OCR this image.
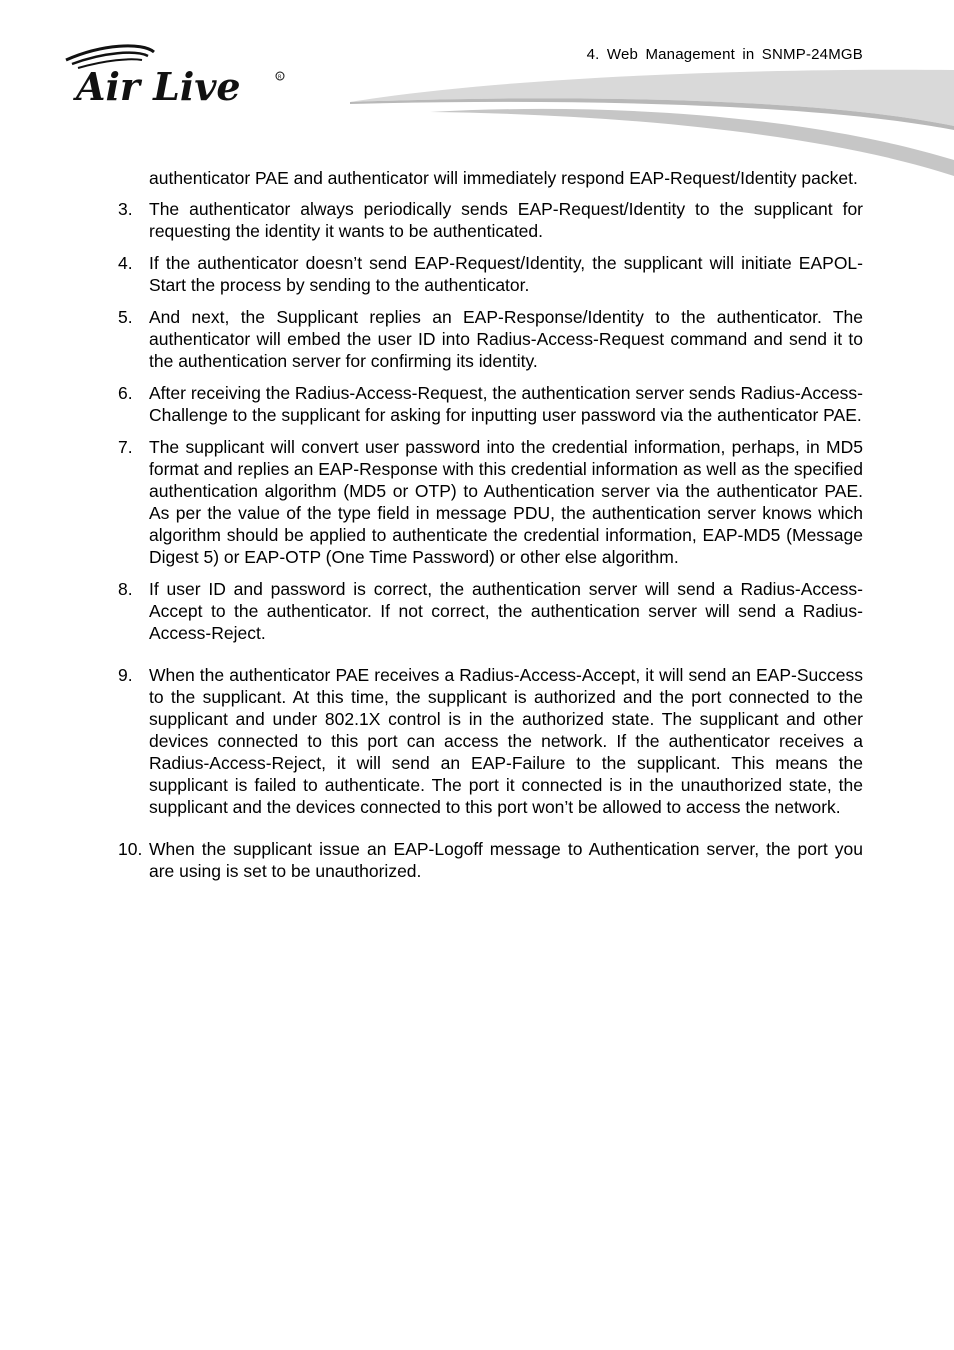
Air Live	R
4. Web Management in SNMP-24MGB

authenticator PAE and authenticator will immediately respond EAP-Request/Identity packet.

3. The authenticator always periodically sends EAP-Request/Identity to the supplicant for requesting the identity it wants to be authenticated.
4. If the authenticator doesn’t send EAP-Request/Identity, the supplicant will initiate EAPOL-Start the process by sending to the authenticator.
5. And next, the Supplicant replies an EAP-Response/Identity to the authenticator. The authenticator will embed the user ID into Radius-Access-Request command and send it to the authentication server for confirming its identity.
6. After receiving the Radius-Access-Request, the authentication server sends Radius-Access-Challenge to the supplicant for asking for inputting user password via the authenticator PAE.
7. The supplicant will convert user password into the credential information, perhaps, in MD5 format and replies an EAP-Response with this credential information as well as the specified authentication algorithm (MD5 or OTP) to Authentication server via the authenticator PAE. As per the value of the type field in message PDU, the authentication server knows which algorithm should be applied to authenticate the credential information, EAP-MD5 (Message Digest 5) or EAP-OTP (One Time Password) or other else algorithm.
8. If user ID and password is correct, the authentication server will send a Radius-Access-Accept to the authenticator. If not correct, the authentication server will send a Radius-Access-Reject.
9. When the authenticator PAE receives a Radius-Access-Accept, it will send an EAP-Success to the supplicant. At this time, the supplicant is authorized and the port connected to the supplicant and under 802.1X control is in the authorized state. The supplicant and other devices connected to this port can access the network. If the authenticator receives a Radius-Access-Reject, it will send an EAP-Failure to the supplicant. This means the supplicant is failed to authenticate. The port it connected is in the unauthorized state, the supplicant and the devices connected to this port won’t be allowed to access the network.
10. When the supplicant issue an EAP-Logoff message to Authentication server, the port you are using is set to be unauthorized.
